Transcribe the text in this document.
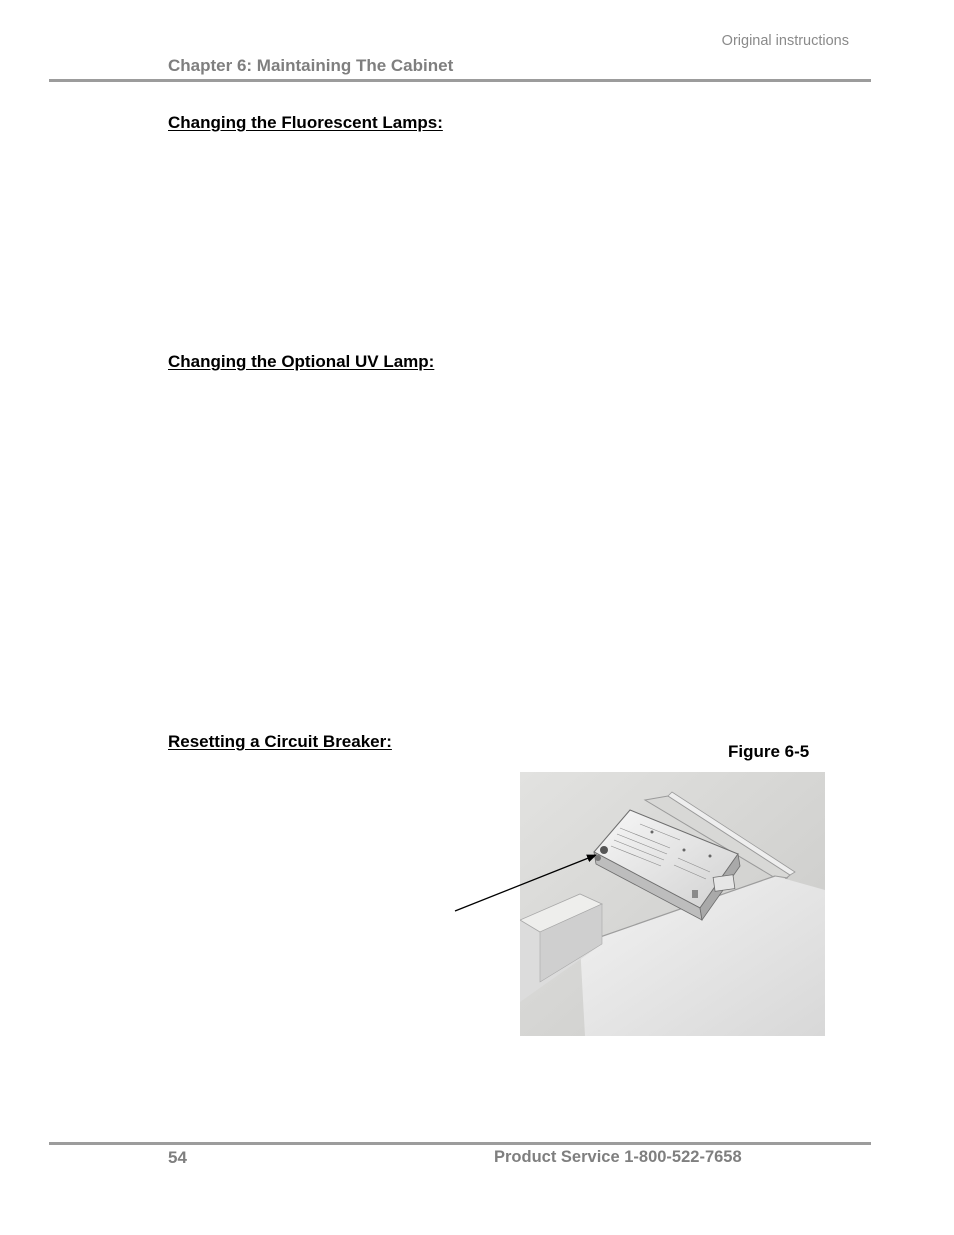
Original instructions
Chapter 6: Maintaining The Cabinet
Changing the Fluorescent Lamps:
Changing the Optional UV Lamp:
Resetting a Circuit Breaker:
Figure 6-5
54	Product Service 1-800-522-7658
